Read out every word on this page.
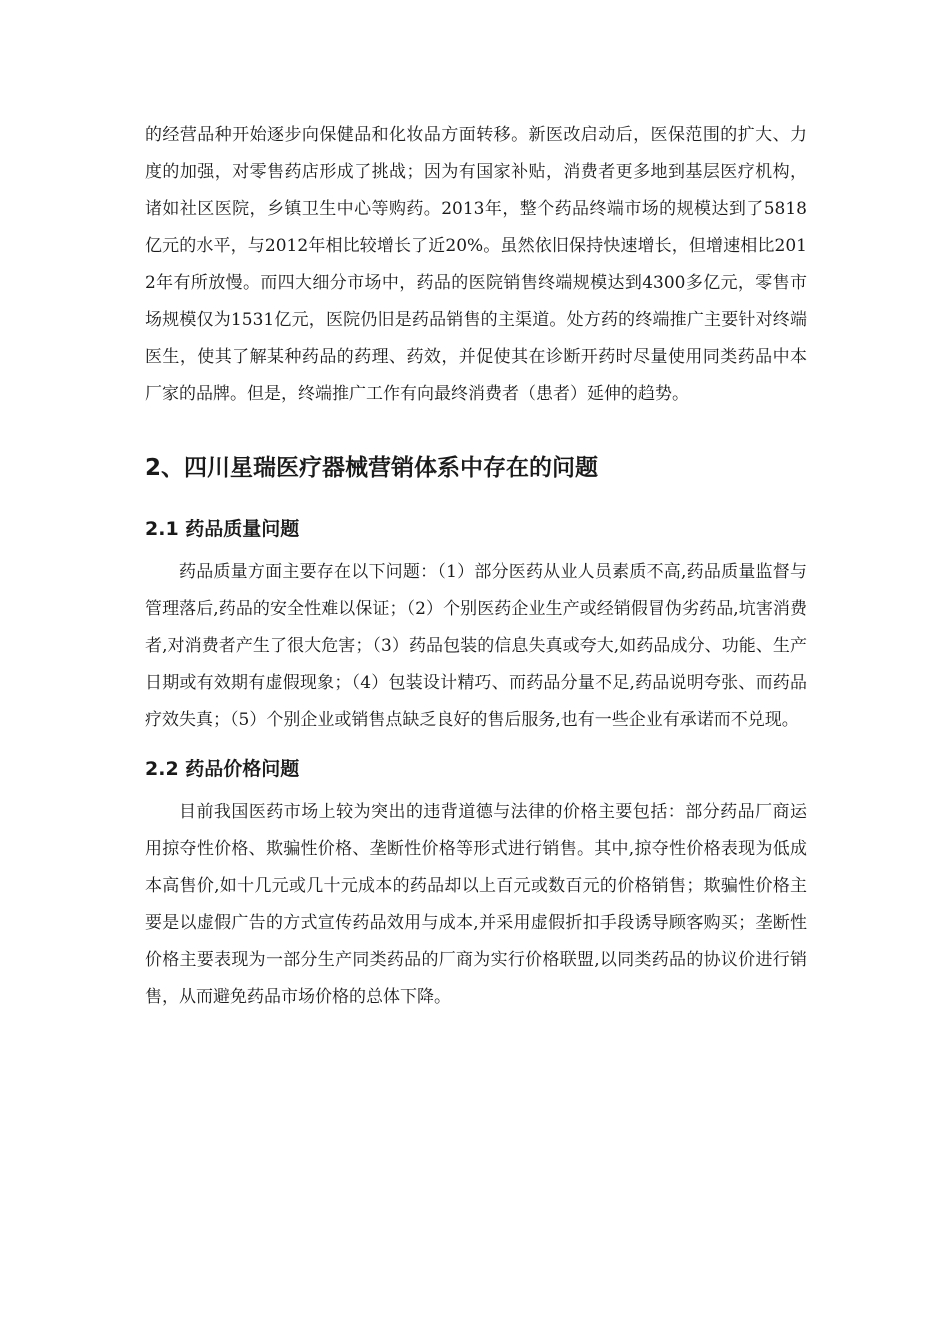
的经营品种开始逐步向保健品和化妆品方面转移。新医改启动后，医保范围的扩大、力度的加强，对零售药店形成了挑战；因为有国家补贴，消费者更多地到基层医疗机构，诸如社区医院，乡镇卫生中心等购药。2013年，整个药品终端市场的规模达到了5818亿元的水平，与2012年相比较增长了近20%。虽然依旧保持快速增长，但增速相比2012年有所放慢。而四大细分市场中，药品的医院销售终端规模达到4300多亿元，零售市场规模仅为1531亿元，医院仍旧是药品销售的主渠道。处方药的终端推广主要针对终端医生，使其了解某种药品的药理、药效，并促使其在诊断开药时尽量使用同类药品中本厂家的品牌。但是，终端推广工作有向最终消费者（患者）延伸的趋势。

2、四川星瑞医疗器械营销体系中存在的问题
2.1 药品质量问题

药品质量方面主要存在以下问题：（1）部分医药从业人员素质不高,药品质量监督与管理落后,药品的安全性难以保证；（2）个别医药企业生产或经销假冒伪劣药品,坑害消费者,对消费者产生了很大危害；（3）药品包装的信息失真或夸大,如药品成分、功能、生产日期或有效期有虚假现象；（4）包装设计精巧、而药品分量不足,药品说明夸张、而药品疗效失真；（5）个别企业或销售点缺乏良好的售后服务,也有一些企业有承诺而不兑现。

2.2 药品价格问题

目前我国医药市场上较为突出的违背道德与法律的价格主要包括：部分药品厂商运用掠夺性价格、欺骗性价格、垄断性价格等形式进行销售。其中,掠夺性价格表现为低成本高售价,如十几元或几十元成本的药品却以上百元或数百元的价格销售；欺骗性价格主要是以虚假广告的方式宣传药品效用与成本,并采用虚假折扣手段诱导顾客购买；垄断性价格主要表现为一部分生产同类药品的厂商为实行价格联盟,以同类药品的协议价进行销售，从而避免药品市场价格的总体下降。
